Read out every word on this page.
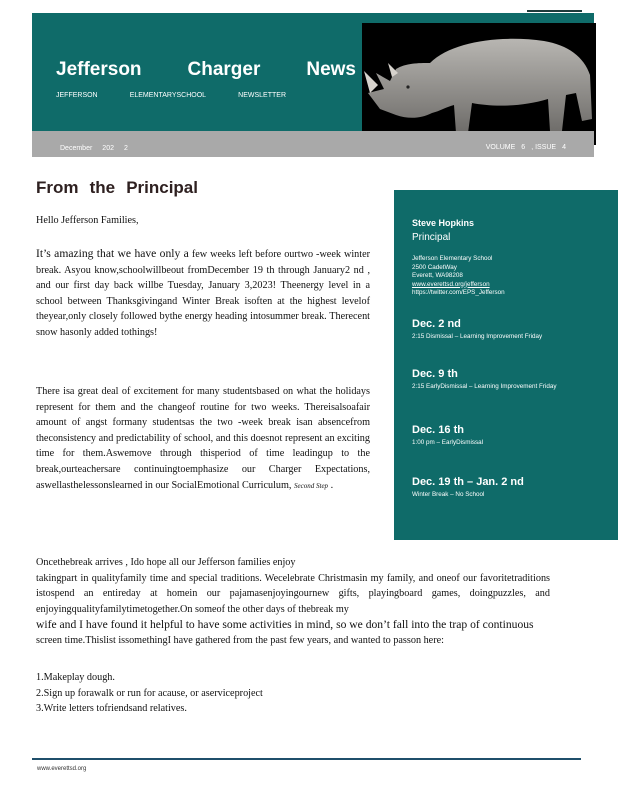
Jefferson Charger News
JEFFERSON	ELEMENTARYSCHOOL	NEWSLETTER
December 202 2	VOLUME 6 , ISSUE 4
From the Principal
Hello Jefferson Families,
It’s amazing that we have only a few weeks left before ourtwo -week winter break. Asyou know,schoolwillbeout fromDecember 19 th through January2 nd , and our first day back willbe Tuesday, January 3,2023! Theenergy level in a school between Thanksgivingand Winter Break isoften at the highest levelof theyear,only closely followed bythe energy heading intosummer break. Therecent snow hasonly added tothings!
There isa great deal of excitement for many studentsbased on what the holidays represent for them and the changeof routine for two weeks. Thereisalsoafair amount of angst formany studentsas the two -week break isan absencefrom theconsistency and predictability of school, and this doesnot represent an exciting time for them.Aswemove through thisperiod of time leadingup to the break,ourteachersare continuingtoemphasize our Charger Expectations, aswellasthelessonslearned in our SocialEmotional Curriculum, Second Step .
Oncethebreak arrives , Ido hope all our Jefferson families enjoy
takingpart in qualityfamily time and special traditions. Wecelebrate Christmasin my family, and oneof our favoritetraditions istospend an entireday at homein our pajamasenjoyingournew gifts, playingboard games, doingpuzzles, and enjoyingqualityfamilytimetogether.On someof the other days of thebreak my
wife and I have found it helpful to have some activities in mind, so we don’t fall into the trap of continuous
screen time.Thislist issomethingI have gathered from the past few years, and wanted to passon here:
1.Makeplay dough.
2.Sign up forawalk or run for acause, or aserviceproject
3.Write letters tofriendsand relatives.
Steve Hopkins
Principal
Jefferson Elementary School
2500 CadetWay
Everett, WA98208
www.everettsd.org/jefferson
https://twitter.com/EPS_Jefferson
Dec. 2 nd
2:15 Dismissal – Learning Improvement Friday
Dec. 9 th
2:15 EarlyDismissal – Learning Improvement Friday
Dec. 16 th
1:00 pm – EarlyDismissal
Dec. 19 th – Jan. 2 nd
Winter Break – No School
www.everettsd.org
